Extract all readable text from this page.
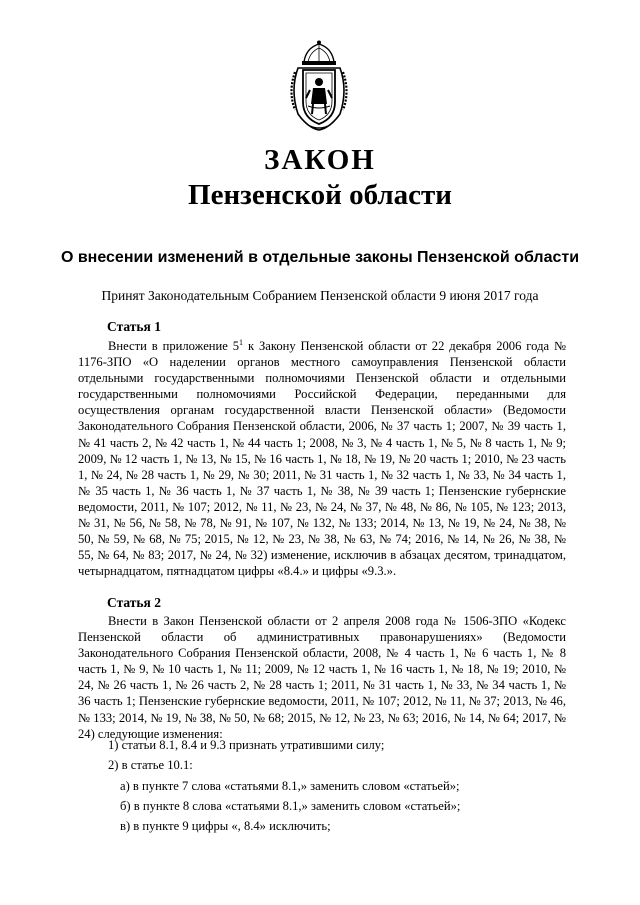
ЗАКОН
Пензенской области
О внесении изменений в отдельные законы Пензенской области

Принят Законодательным Собранием Пензенской области 9 июня 2017 года

Статья 1

Внести в приложение $5^1$ к Закону Пензенской области от 22 декабря 2006 года № 1176-ЗПО «О наделении органов местного самоуправления Пензенской области отдельными государственными полномочиями Пензенской области и отдельными государственными полномочиями Российской Федерации, переданными для осуществления органам государственной власти Пензенской области» (Ведомости Законодательного Собрания Пензенской области, 2006, № 37 часть 1; 2007, № 39 часть 1, № 41 часть 2, № 42 часть 1, № 44 часть 1; 2008, № 3, № 4 часть 1, № 5, № 8 часть 1, № 9; 2009, № 12 часть 1, № 13, № 15, № 16 часть 1, № 18, № 19, № 20 часть 1; 2010, № 23 часть 1, № 24, № 28 часть 1, № 29, № 30; 2011, № 31 часть 1, № 32 часть 1, № 33, № 34 часть 1, № 35 часть 1, № 36 часть 1, № 37 часть 1, № 38, № 39 часть 1; Пензенские губернские ведомости, 2011, № 107; 2012, № 11, № 23, № 24, № 37, № 48, № 86, № 105, № 123; 2013, № 31, № 56, № 58, № 78, № 91, № 107, № 132, № 133; 2014, № 13, № 19, № 24, № 38, № 50, № 59, № 68, № 75; 2015, № 12, № 23, № 38, № 63, № 74; 2016, № 14, № 26, № 38, № 55, № 64, № 83; 2017, № 24, № 32) изменение, исключив в абзацах десятом, тринадцатом, четырнадцатом, пятнадцатом цифры «8.4.» и цифры «9.3.».

Статья 2

Внести в Закон Пензенской области от 2 апреля 2008 года № 1506-ЗПО «Кодекс Пензенской области об административных правонарушениях» (Ведомости Законодательного Собрания Пензенской области, 2008, № 4 часть 1, № 6 часть 1, № 8 часть 1, № 9, № 10 часть 1, № 11; 2009, № 12 часть 1, № 16 часть 1, № 18, № 19; 2010, № 24, № 26 часть 1, № 26 часть 2, № 28 часть 1; 2011, № 31 часть 1, № 33, № 34 часть 1, № 36 часть 1; Пензенские губернские ведомости, 2011, № 107; 2012, № 11, № 37; 2013, № 46, № 133; 2014, № 19, № 38, № 50, № 68; 2015, № 12, № 23, № 63; 2016, № 14, № 64; 2017, № 24) следующие изменения:

1) статьи 8.1, 8.4 и 9.3 признать утратившими силу;

2) в статье 10.1:

а) в пункте 7 слова «статьями 8.1,» заменить словом «статьей»;

б) в пункте 8 слова «статьями 8.1,» заменить словом «статьей»;

в) в пункте 9 цифры «, 8.4» исключить;
